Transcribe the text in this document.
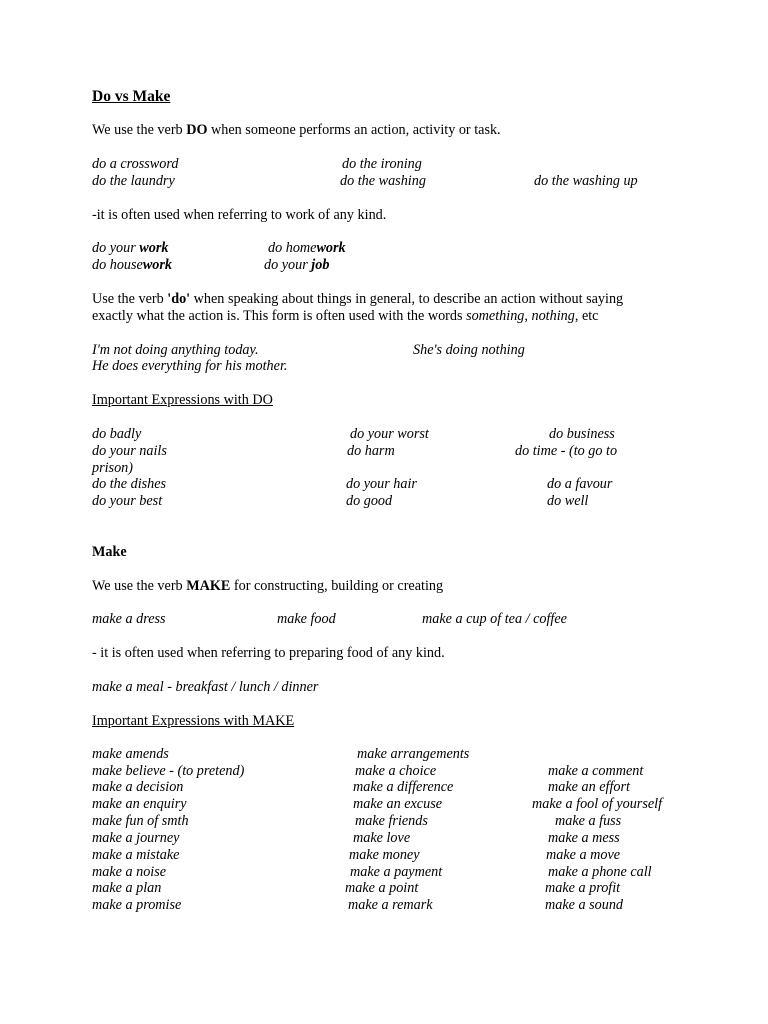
Do vs Make
We use the verb DO when someone performs an action, activity or task.
do a crossword	do the ironing
do the laundry	do the washing	do the washing up
-it is often used when referring to work of any kind.
do your work	do homework
do housework	do your job
Use the verb 'do' when speaking about things in general, to describe an action without saying
exactly what the action is. This form is often used with the words something, nothing, etc
I'm not doing anything today.	She's doing nothing
He does everything for his mother.
Important Expressions with DO
do badly	do your worst	do business
do your nails	do harm	do time - (to go to
prison)
do the dishes	do your hair	do a favour
do your best	do good	do well
Make
We use the verb MAKE for constructing, building or creating
make a dress	make food	make a cup of tea / coffee
- it is often used when referring to preparing food of any kind.
make a meal - breakfast / lunch / dinner
Important Expressions with MAKE
make amends	make arrangements
make believe - (to pretend)	make a choice	make a comment
make a decision	make a difference	make an effort
make an enquiry	make an excuse	make a fool of yourself
make fun of smth	make friends	make a fuss
make a journey	make love	make a mess
make a mistake	make money	make a move
make a noise	make a payment	make a phone call
make a plan	make a point	make a profit
make a promise	make a remark	make a sound
